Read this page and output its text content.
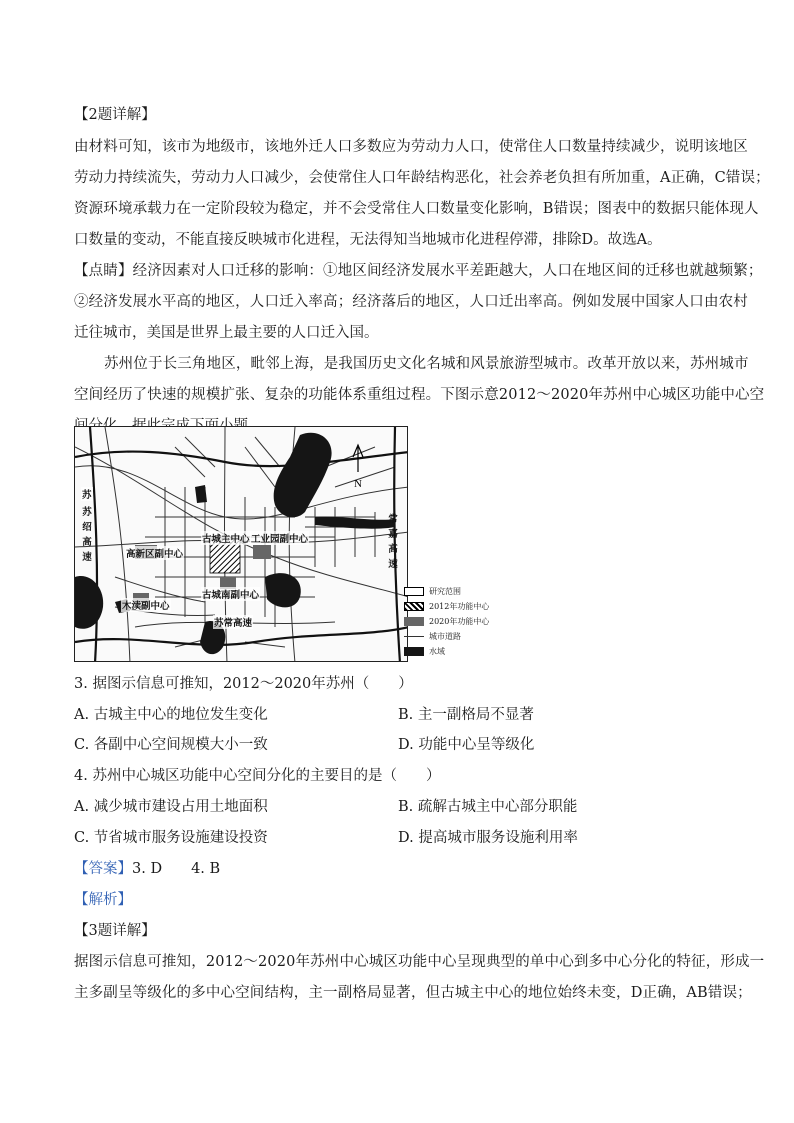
【2题详解】
由材料可知，该市为地级市，该地外迁人口多数应为劳动力人口，使常住人口数量持续减少，说明该地区
劳动力持续流失，劳动力人口减少，会使常住人口年龄结构恶化，社会养老负担有所加重，A正确，C错误；
资源环境承载力在一定阶段较为稳定，并不会受常住人口数量变化影响，B错误；图表中的数据只能体现人
口数量的变动，不能直接反映城市化进程，无法得知当地城市化进程停滞，排除D。故选A。
【点睛】经济因素对人口迁移的影响：①地区间经济发展水平差距越大，人口在地区间的迁移也就越频繁；
②经济发展水平高的地区，人口迁入率高；经济落后的地区，人口迁出率高。例如发展中国家人口由农村
迁往城市，美国是世界上最主要的人口迁入国。
苏州位于长三角地区，毗邻上海，是我国历史文化名城和风景旅游型城市。改革开放以来，苏州城市
空间经历了快速的规模扩张、复杂的功能体系重组过程。下图示意2012～2020年苏州中心城区功能中心空
N
古城主中心 工业园副中心
高新区副中心
古城南副中心
木渎副中心
苏常高速
苏绍高速
常嘉高速
苏
研究范围
2012年功能中心
2020年功能中心
城市道路
水域
3. 据图示信息可推知，2012～2020年苏州（　　）
A. 古城主中心的地位发生变化	B. 主一副格局不显著
C. 各副中心空间规模大小一致	D. 功能中心呈等级化
4. 苏州中心城区功能中心空间分化的主要目的是（　　）
A. 减少城市建设占用土地面积	B. 疏解古城主中心部分职能
C. 节省城市服务设施建设投资	D. 提高城市服务设施利用率
【答案】3. D　　4. B
【解析】
【3题详解】
据图示信息可推知，2012～2020年苏州中心城区功能中心呈现典型的单中心到多中心分化的特征，形成一
主多副呈等级化的多中心空间结构，主一副格局显著，但古城主中心的地位始终未变，D正确，AB错误；
